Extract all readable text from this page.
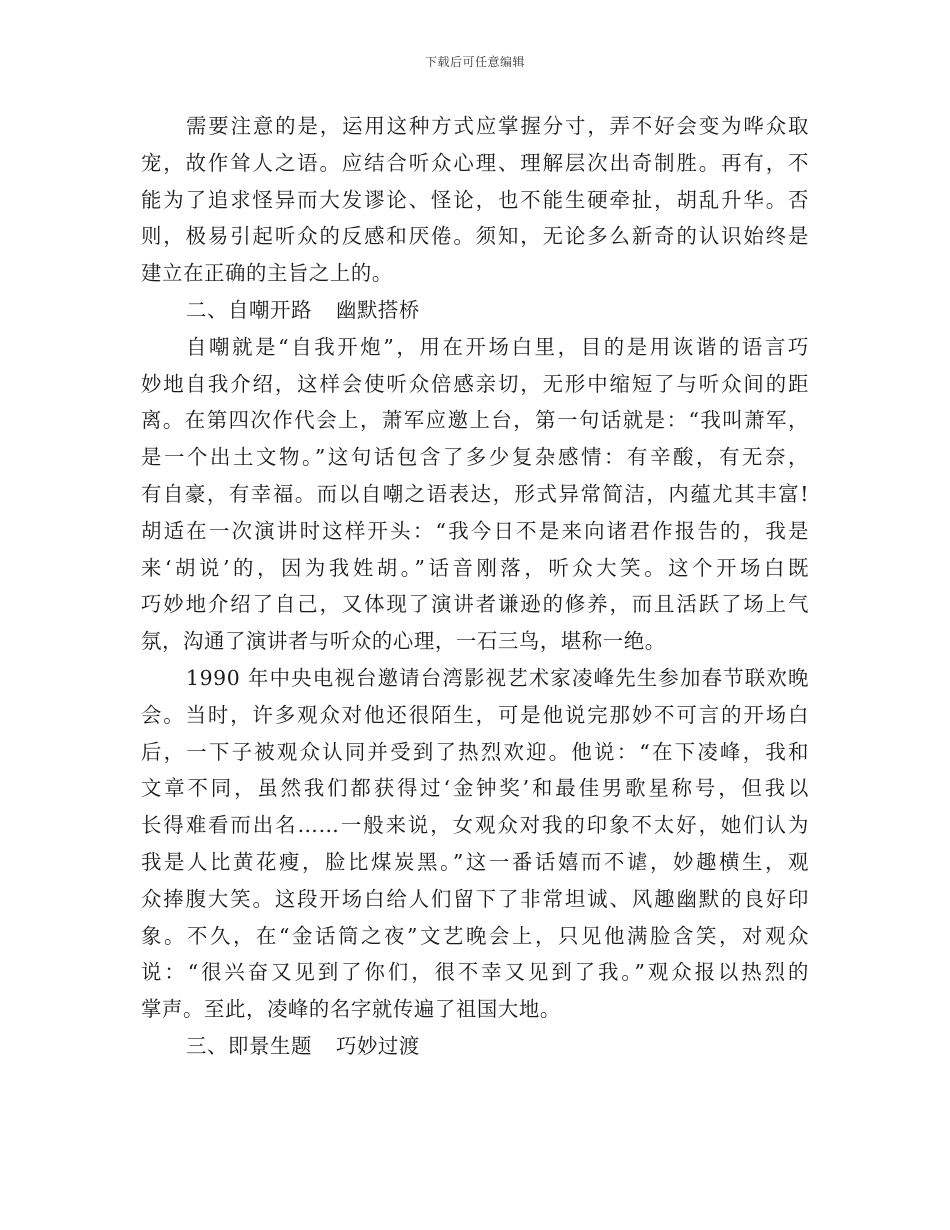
下载后可任意编辑
需要注意的是，运用这种方式应掌握分寸，弄不好会变为哗众取
宠，故作耸人之语。应结合听众心理、理解层次出奇制胜。再有，不
能为了追求怪异而大发谬论、怪论，也不能生硬牵扯，胡乱升华。否
则，极易引起听众的反感和厌倦。须知，无论多么新奇的认识始终是
建立在正确的主旨之上的。
二、自嘲开路 幽默搭桥
自嘲就是“自我开炮”，用在开场白里，目的是用诙谐的语言巧
妙地自我介绍，这样会使听众倍感亲切，无形中缩短了与听众间的距
离。在第四次作代会上，萧军应邀上台，第一句话就是：“我叫萧军，
是一个出土文物。”这句话包含了多少复杂感情：有辛酸，有无奈，
有自豪，有幸福。而以自嘲之语表达，形式异常简洁，内蕴尤其丰富!
胡适在一次演讲时这样开头：“我今日不是来向诸君作报告的，我是
来‘胡说’的，因为我姓胡。”话音刚落，听众大笑。这个开场白既
巧妙地介绍了自己，又体现了演讲者谦逊的修养，而且活跃了场上气
氛，沟通了演讲者与听众的心理，一石三鸟，堪称一绝。
1990 年中央电视台邀请台湾影视艺术家凌峰先生参加春节联欢晚
会。当时，许多观众对他还很陌生，可是他说完那妙不可言的开场白
后，一下子被观众认同并受到了热烈欢迎。他说：“在下凌峰，我和
文章不同，虽然我们都获得过‘金钟奖’和最佳男歌星称号，但我以
长得难看而出名……一般来说，女观众对我的印象不太好，她们认为
我是人比黄花瘦，脸比煤炭黑。”这一番话嬉而不谑，妙趣横生，观
众捧腹大笑。这段开场白给人们留下了非常坦诚、风趣幽默的良好印
象。不久，在“金话筒之夜”文艺晚会上，只见他满脸含笑，对观众
说：“很兴奋又见到了你们，很不幸又见到了我。”观众报以热烈的
掌声。至此，凌峰的名字就传遍了祖国大地。
三、即景生题 巧妙过渡
